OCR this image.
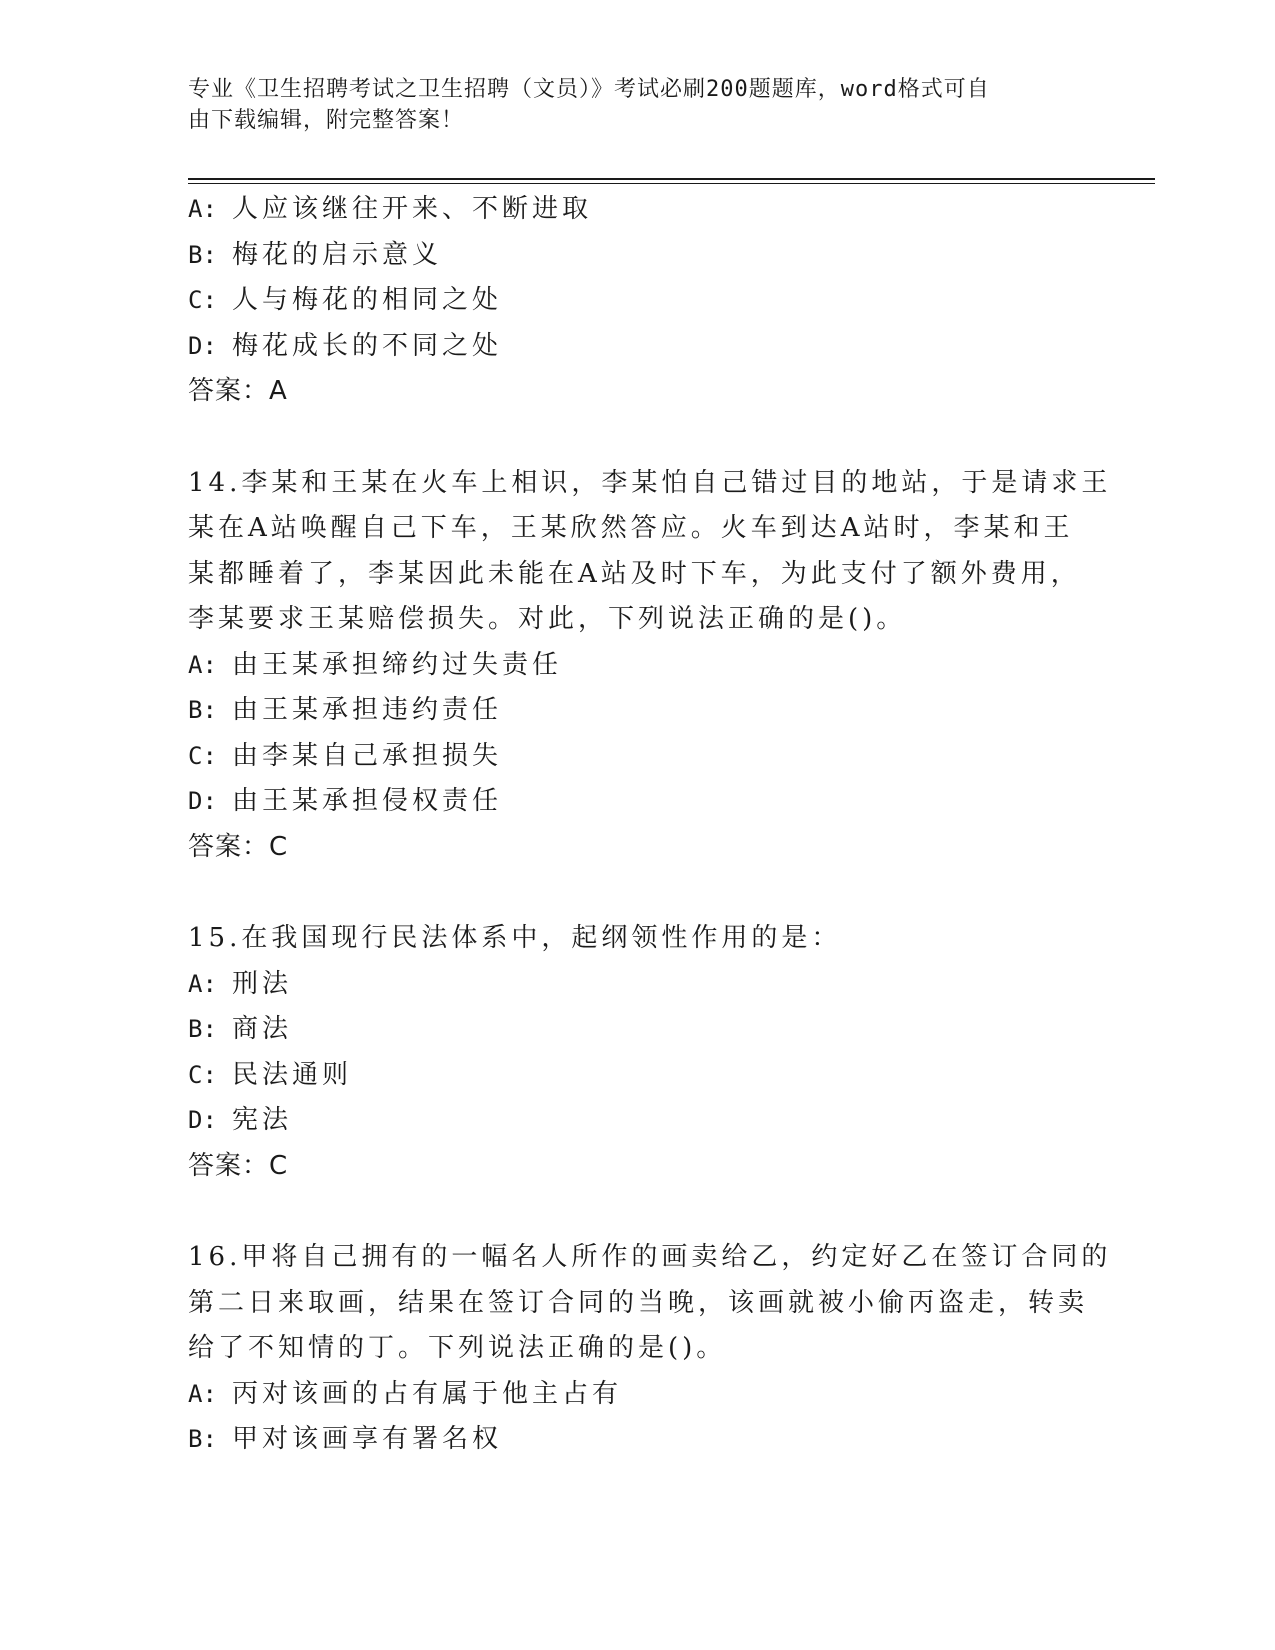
专业《卫生招聘考试之卫生招聘（文员）》考试必刷200题题库，word格式可自
由下载编辑，附完整答案！
A: 人应该继往开来、不断进取
B: 梅花的启示意义
C: 人与梅花的相同之处
D: 梅花成长的不同之处
答案：A
14.李某和王某在火车上相识，李某怕自己错过目的地站，于是请求王
某在A站唤醒自己下车，王某欣然答应。火车到达A站时，李某和王
某都睡着了，李某因此未能在A站及时下车，为此支付了额外费用，
李某要求王某赔偿损失。对此，下列说法正确的是()。
A: 由王某承担缔约过失责任
B: 由王某承担违约责任
C: 由李某自己承担损失
D: 由王某承担侵权责任
答案：C
15.在我国现行民法体系中，起纲领性作用的是：
A: 刑法
B: 商法
C: 民法通则
D: 宪法
答案：C
16.甲将自己拥有的一幅名人所作的画卖给乙，约定好乙在签订合同的
第二日来取画，结果在签订合同的当晚，该画就被小偷丙盗走，转卖
给了不知情的丁。下列说法正确的是()。
A: 丙对该画的占有属于他主占有
B: 甲对该画享有署名权
